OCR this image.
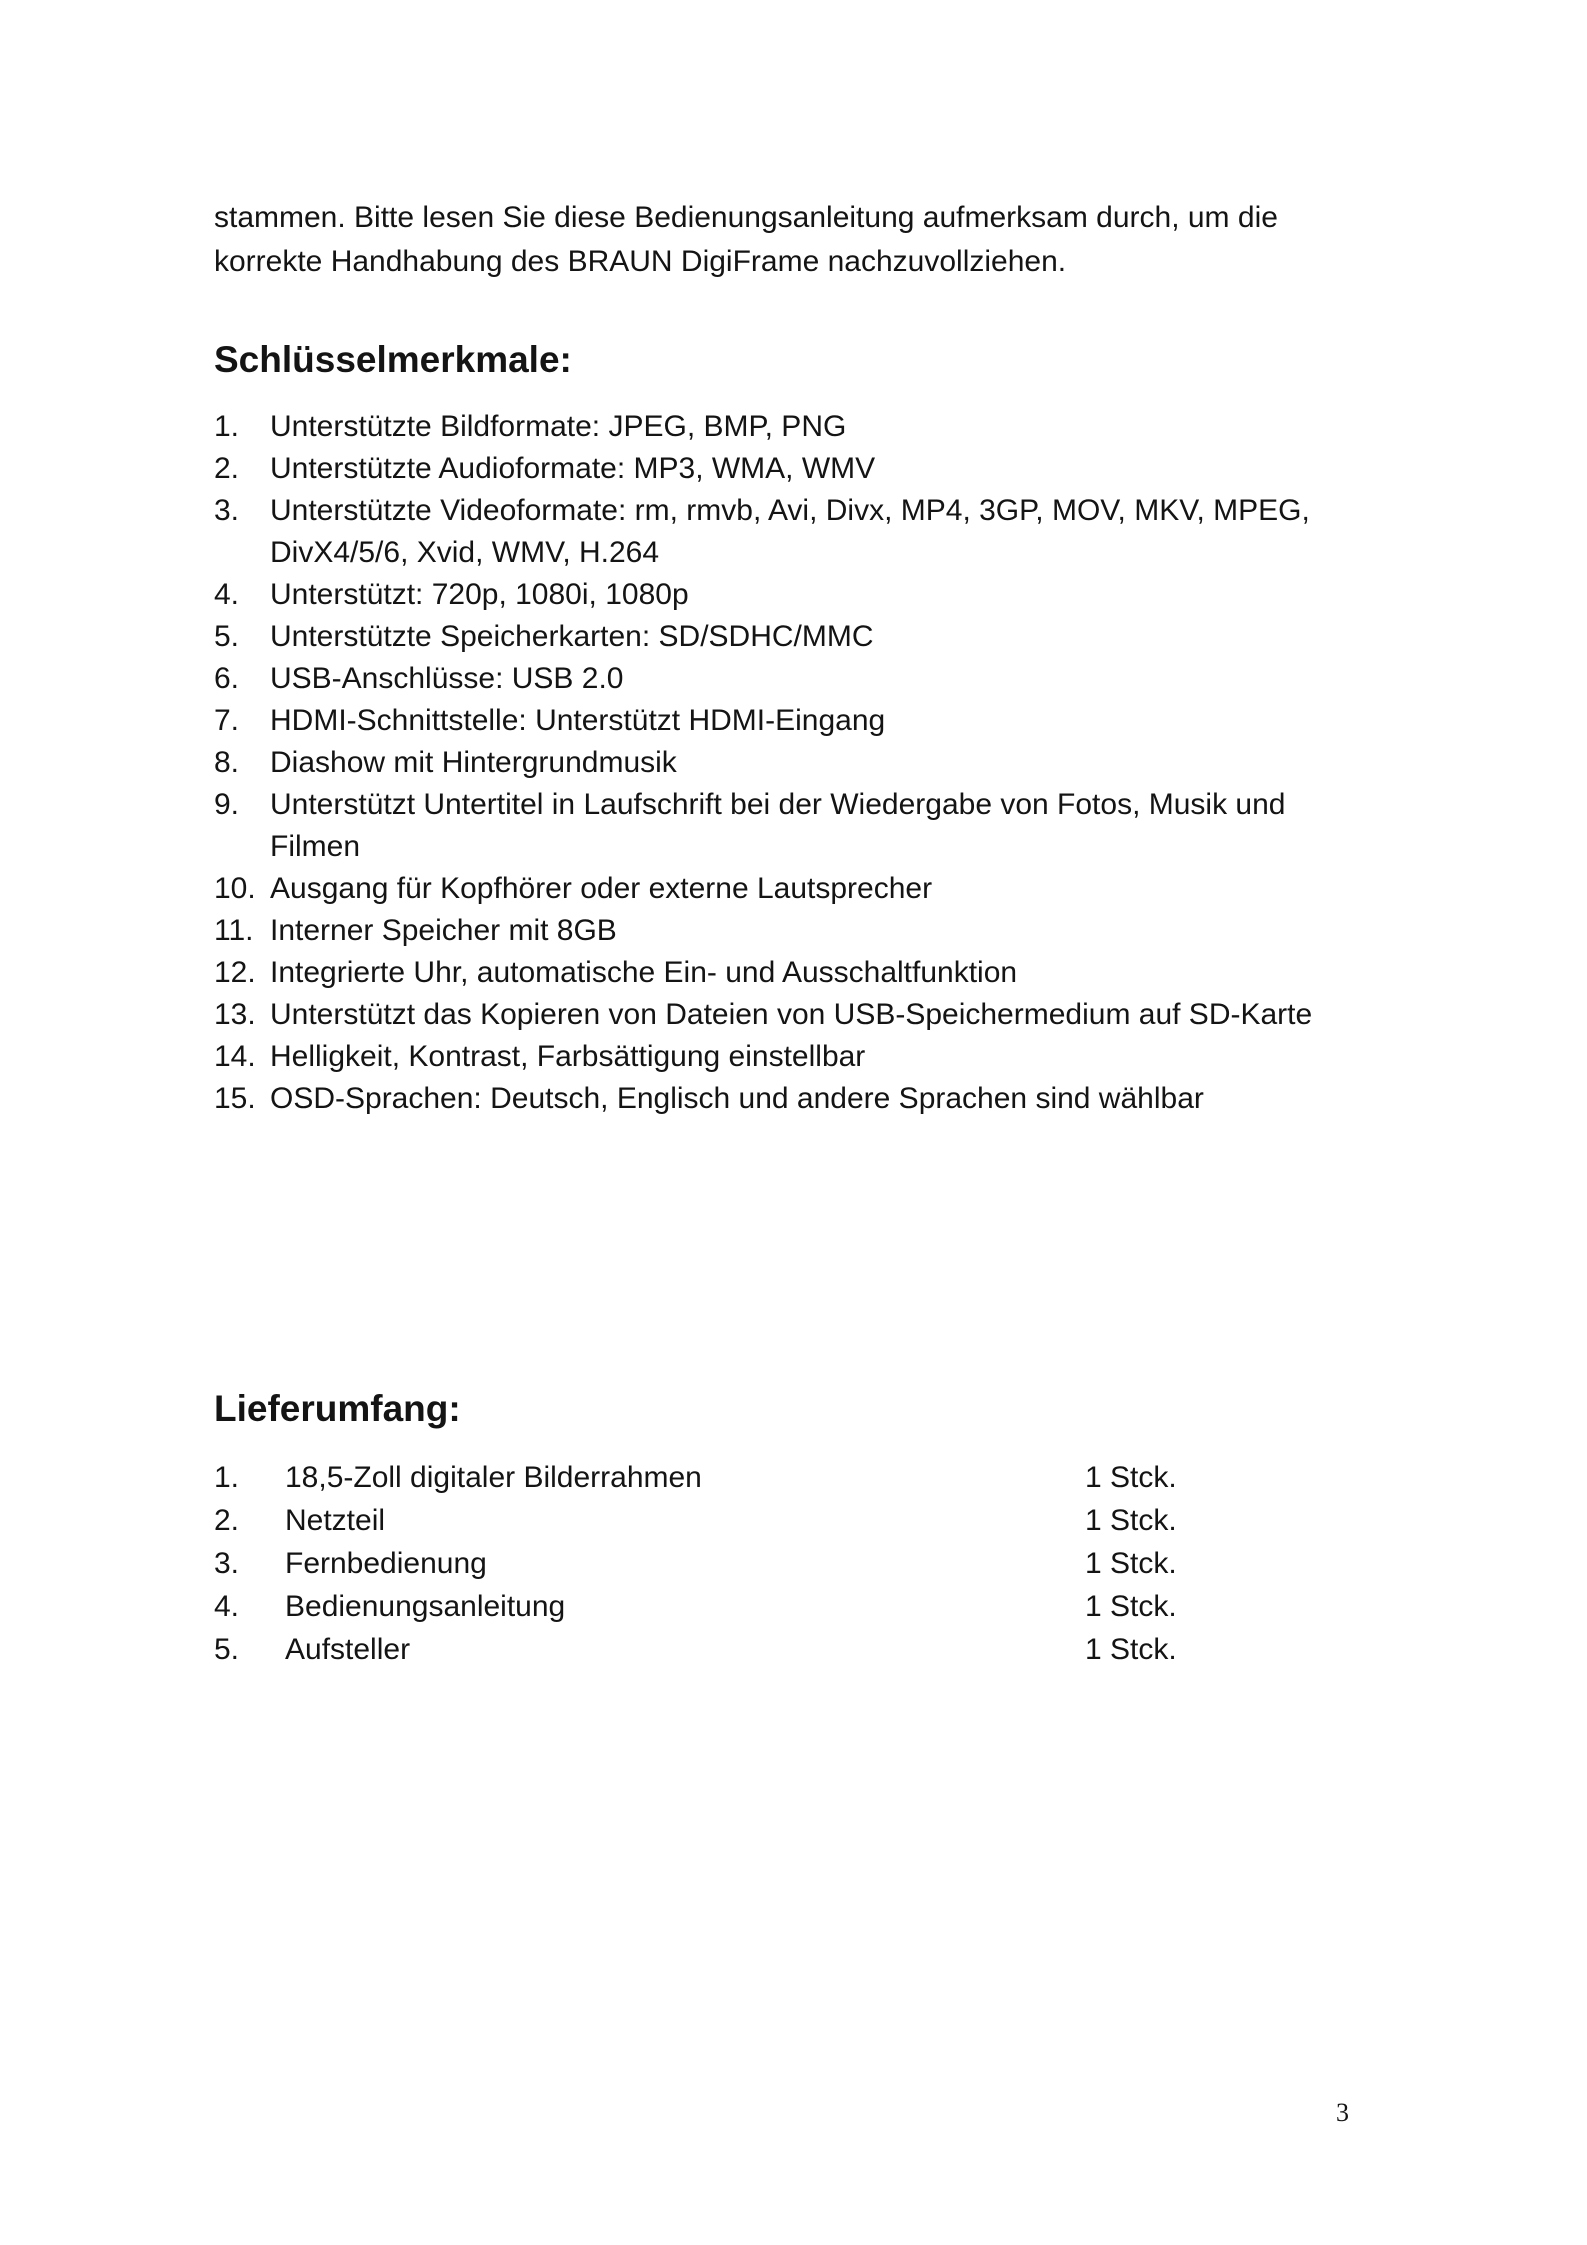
stammen. Bitte lesen Sie diese Bedienungsanleitung aufmerksam durch, um die korrekte Handhabung des BRAUN DigiFrame nachzuvollziehen.

Schlüsselmerkmale:
1. Unterstützte Bildformate: JPEG, BMP, PNG
2. Unterstützte Audioformate: MP3, WMA, WMV
3. Unterstützte Videoformate: rm, rmvb, Avi, Divx, MP4, 3GP, MOV, MKV, MPEG, DivX4/5/6, Xvid, WMV, H.264
4. Unterstützt: 720p, 1080i, 1080p
5. Unterstützte Speicherkarten: SD/SDHC/MMC
6. USB-Anschlüsse: USB 2.0
7. HDMI-Schnittstelle: Unterstützt HDMI-Eingang
8. Diashow mit Hintergrundmusik
9. Unterstützt Untertitel in Laufschrift bei der Wiedergabe von Fotos, Musik und Filmen
10. Ausgang für Kopfhörer oder externe Lautsprecher
11. Interner Speicher mit 8GB
12. Integrierte Uhr, automatische Ein- und Ausschaltfunktion
13. Unterstützt das Kopieren von Dateien von USB-Speichermedium auf SD-Karte
14. Helligkeit, Kontrast, Farbsättigung einstellbar
15. OSD-Sprachen: Deutsch, Englisch und andere Sprachen sind wählbar
Lieferumfang:
1. 18,5-Zoll digitaler Bilderrahmen	1 Stck.
2. Netzteil	1 Stck.
3. Fernbedienung	1 Stck.
4. Bedienungsanleitung	1 Stck.
5. Aufsteller	1 Stck.
3
